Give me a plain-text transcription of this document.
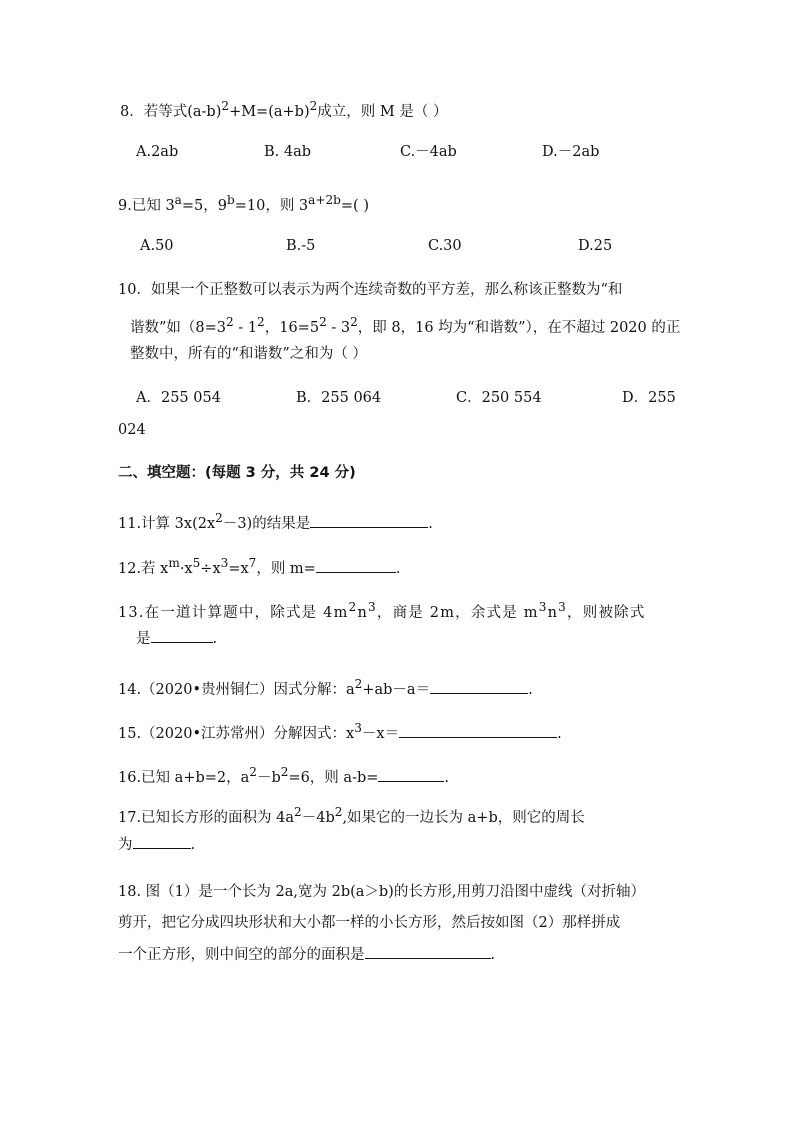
8．若等式$(a-b)^2+M=(a+b)^2$成立，则 M 是（ ）
A.2ab	B. 4ab	C.－4ab	D.－2ab
9.已知 $3^a=5$，$9^b=10$，则 $3^{a+2b}=$( )
A.50	B.-5	C.30	D.25
10．如果一个正整数可以表示为两个连续奇数的平方差，那么称该正整数为“和
谐数”如（$8=3^2 - 1^2$，$16=5^2 - 3^2$，即 8，16 均为“和谐数”），在不超过 2020 的正
整数中，所有的“和谐数”之和为（ ）
A．255 054	B．255 064	C．250 554	D．255
024
二、填空题：(每题 3 分，共 24 分)
11.计算 $3x(2x^2-3)$的结果是	.
12.若 $x^m\cdot x^5\div x^3=x^7$，则 m=	.
13.在一道计算题中，除式是 $4m^2n^3$，商是 2m，余式是 $m^3n^3$，则被除式
是	.
14.（2020•贵州铜仁）因式分解：$a^2+ab-a=$	.
15.（2020•江苏常州）分解因式：$x^3-x=$	.
16.已知 a+b=2，$a^2-b^2=6$，则 a-b=	.
17.已知长方形的面积为 $4a^2-4b^2$,如果它的一边长为 a+b，则它的周长
为	.
18. 图（1）是一个长为 2a,宽为 2b(a＞b)的长方形,用剪刀沿图中虚线（对折轴）
剪开，把它分成四块形状和大小都一样的小长方形，然后按如图（2）那样拼成
一个正方形，则中间空的部分的面积是	.
